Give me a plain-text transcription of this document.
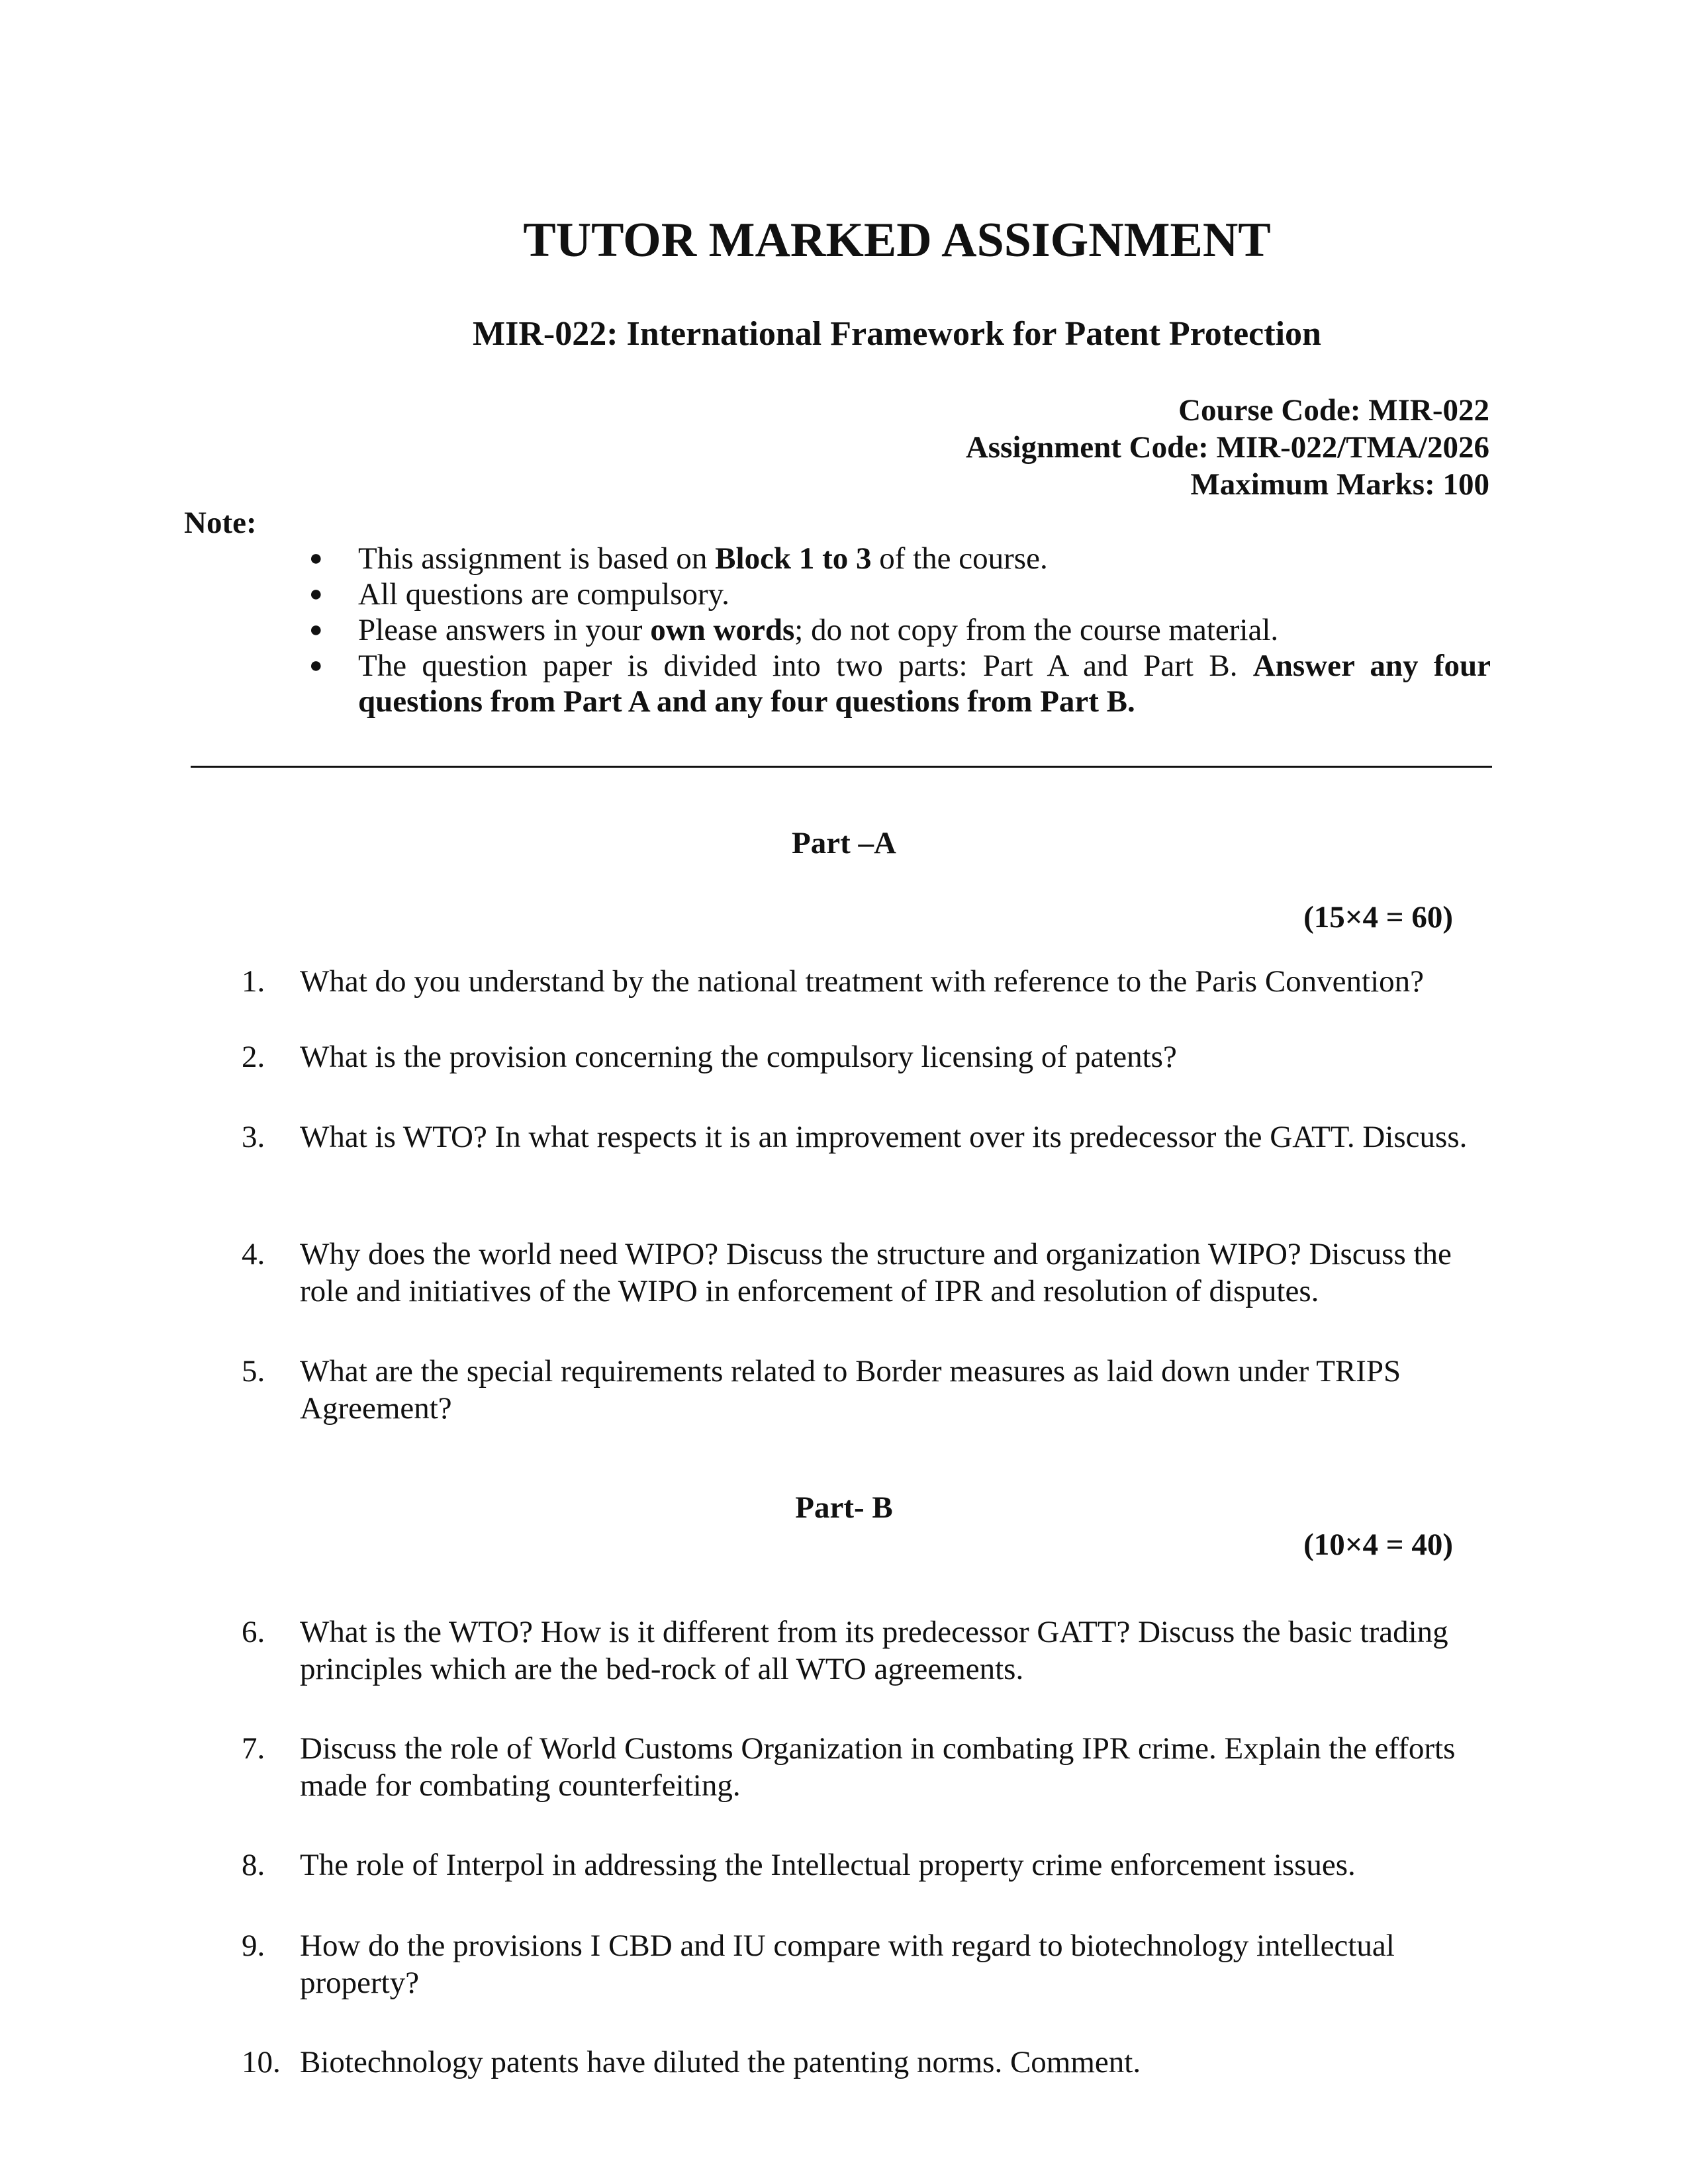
TUTOR MARKED ASSIGNMENT
MIR-022: International Framework for Patent Protection
Course Code: MIR-022
Assignment Code: MIR-022/TMA/2026
Maximum Marks: 100
Note:
● This assignment is based on Block 1 to 3 of the course.
● All questions are compulsory.
● Please answers in your own words; do not copy from the course material.
● The question paper is divided into two parts: Part A and Part B. Answer any four questions from Part A and any four questions from Part B.
Part –A
(15×4 = 60)
1.	What do you understand by the national treatment with reference to the Paris Convention?
2.	What is the provision concerning the compulsory licensing of patents?
3.	What is WTO? In what respects it is an improvement over its predecessor the GATT. Discuss.
4.	Why does the world need WIPO? Discuss the structure and organization WIPO? Discuss the role and initiatives of the WIPO in enforcement of IPR and resolution of disputes.
5.	What are the special requirements related to Border measures as laid down under TRIPS Agreement?
Part- B
(10×4 = 40)
6.	What is the WTO? How is it different from its predecessor GATT? Discuss the basic trading principles which are the bed-rock of all WTO agreements.
7.	Discuss the role of World Customs Organization in combating IPR crime. Explain the efforts made for combating counterfeiting.
8.	The role of Interpol in addressing the Intellectual property crime enforcement issues.
9.	How do the provisions I CBD and IU compare with regard to biotechnology intellectual property?
10. Biotechnology patents have diluted the patenting norms. Comment.
